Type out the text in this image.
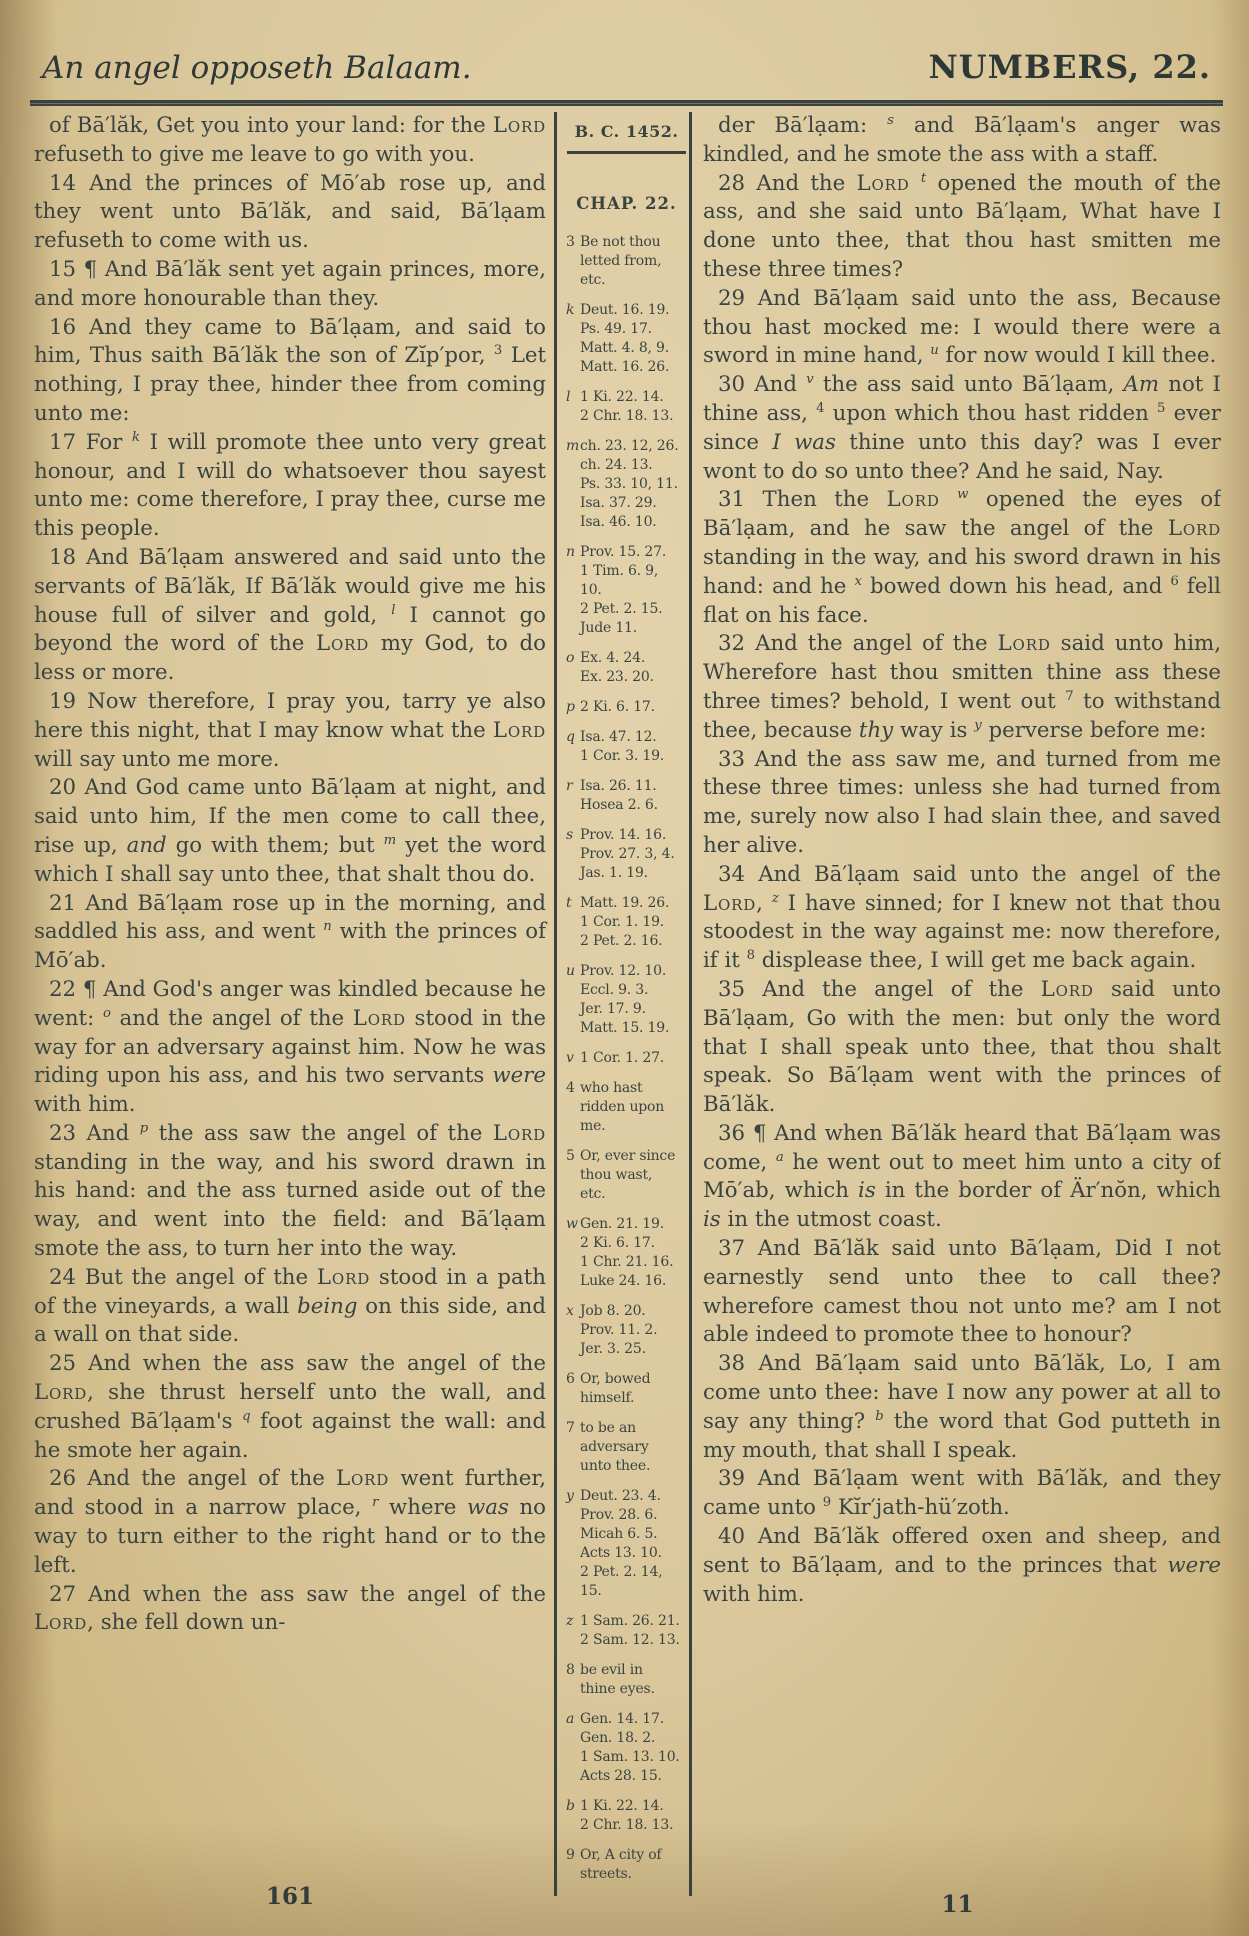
An angel opposeth Balaam.	NUMBERS, 22.

of Bā′lăk, Get you into your land: for the Lord refuseth to give me leave to go with you.

14 And the princes of Mō′ab rose up, and they went unto Bā′lăk, and said, Bā′lạam refuseth to come with us.

15 ¶ And Bā′lăk sent yet again princes, more, and more honourable than they.

16 And they came to Bā′lạam, and said to him, Thus saith Bā′lăk the son of Zĭp′por, $^3$ Let nothing, I pray thee, hinder thee from coming unto me:

17 For $^k$ I will promote thee unto very great honour, and I will do whatsoever thou sayest unto me: come therefore, I pray thee, curse me this people.

18 And Bā′lạam answered and said unto the servants of Bā′lăk, If Bā′lăk would give me his house full of silver and gold, $^l$ I cannot go beyond the word of the Lord my God, to do less or more.

19 Now therefore, I pray you, tarry ye also here this night, that I may know what the Lord will say unto me more.

20 And God came unto Bā′lạam at night, and said unto him, If the men come to call thee, rise up, and go with them; but $^m$ yet the word which I shall say unto thee, that shalt thou do.

21 And Bā′lạam rose up in the morning, and saddled his ass, and went $^n$ with the princes of Mō′ab.

22 ¶ And God's anger was kindled because he went: $^o$ and the angel of the Lord stood in the way for an adversary against him. Now he was riding upon his ass, and his two servants were with him.

23 And $^p$ the ass saw the angel of the Lord standing in the way, and his sword drawn in his hand: and the ass turned aside out of the way, and went into the field: and Bā′lạam smote the ass, to turn her into the way.

24 But the angel of the Lord stood in a path of the vineyards, a wall being on this side, and a wall on that side.

25 And when the ass saw the angel of the Lord, she thrust herself unto the wall, and crushed Bā′lạam's $^q$ foot against the wall: and he smote her again.

26 And the angel of the Lord went further, and stood in a narrow place, $^r$ where was no way to turn either to the right hand or to the left.

27 And when the ass saw the angel of the Lord, she fell down un-

B. C. 1452.
CHAP. 22.
3 Be not thou
letted from,
etc.
k Deut. 16. 19.
Ps. 49. 17.
Matt. 4. 8, 9.
Matt. 16. 26.
l 1 Ki. 22. 14.
2 Chr. 18. 13.
m ch. 23. 12, 26.
ch. 24. 13.
Ps. 33. 10, 11.
Isa. 37. 29.
Isa. 46. 10.
n Prov. 15. 27.
1 Tim. 6. 9,
10.
2 Pet. 2. 15.
Jude 11.
o Ex. 4. 24.
Ex. 23. 20.
p 2 Ki. 6. 17.
q Isa. 47. 12.
1 Cor. 3. 19.
r Isa. 26. 11.
Hosea 2. 6.
s Prov. 14. 16.
Prov. 27. 3, 4.
Jas. 1. 19.
t Matt. 19. 26.
1 Cor. 1. 19.
2 Pet. 2. 16.
u Prov. 12. 10.
Eccl. 9. 3.
Jer. 17. 9.
Matt. 15. 19.
v 1 Cor. 1. 27.
4 who hast
ridden upon
me.
5 Or, ever since
thou wast,
etc.
w Gen. 21. 19.
2 Ki. 6. 17.
1 Chr. 21. 16.
Luke 24. 16.
x Job 8. 20.
Prov. 11. 2.
Jer. 3. 25.
6 Or, bowed
himself.
7 to be an
adversary
unto thee.
y Deut. 23. 4.
Prov. 28. 6.
Micah 6. 5.
Acts 13. 10.
2 Pet. 2. 14,
15.
z 1 Sam. 26. 21.
2 Sam. 12. 13.
8 be evil in
thine eyes.
a Gen. 14. 17.
Gen. 18. 2.
1 Sam. 13. 10.
Acts 28. 15.
b 1 Ki. 22. 14.
2 Chr. 18. 13.
9 Or, A city of
streets.

der Bā′lạam: $^s$ and Bā′lạam's anger was kindled, and he smote the ass with a staff.

28 And the Lord $^t$ opened the mouth of the ass, and she said unto Bā′lạam, What have I done unto thee, that thou hast smitten me these three times?

29 And Bā′lạam said unto the ass, Because thou hast mocked me: I would there were a sword in mine hand, $^u$ for now would I kill thee.

30 And $^v$ the ass said unto Bā′lạam, Am not I thine ass, $^4$ upon which thou hast ridden $^5$ ever since I was thine unto this day? was I ever wont to do so unto thee? And he said, Nay.

31 Then the Lord $^w$ opened the eyes of Bā′lạam, and he saw the angel of the Lord standing in the way, and his sword drawn in his hand: and he $^x$ bowed down his head, and $^6$ fell flat on his face.

32 And the angel of the Lord said unto him, Wherefore hast thou smitten thine ass these three times? behold, I went out $^7$ to withstand thee, because thy way is $^y$ perverse before me:

33 And the ass saw me, and turned from me these three times: unless she had turned from me, surely now also I had slain thee, and saved her alive.

34 And Bā′lạam said unto the angel of the Lord, $^z$ I have sinned; for I knew not that thou stoodest in the way against me: now therefore, if it $^8$ displease thee, I will get me back again.

35 And the angel of the Lord said unto Bā′lạam, Go with the men: but only the word that I shall speak unto thee, that thou shalt speak. So Bā′lạam went with the princes of Bā′lăk.

36 ¶ And when Bā′lăk heard that Bā′lạam was come, $^a$ he went out to meet him unto a city of Mō′ab, which is in the border of Är′nŏn, which is in the utmost coast.

37 And Bā′lăk said unto Bā′lạam, Did I not earnestly send unto thee to call thee? wherefore camest thou not unto me? am I not able indeed to promote thee to honour?

38 And Bā′lạam said unto Bā′lăk, Lo, I am come unto thee: have I now any power at all to say any thing? $^b$ the word that God putteth in my mouth, that shall I speak.

39 And Bā′lạam went with Bā′lăk, and they came unto $^9$ Kĭr′jath-hü′zoth.

40 And Bā′lăk offered oxen and sheep, and sent to Bā′lạam, and to the princes that were with him.

161	11
